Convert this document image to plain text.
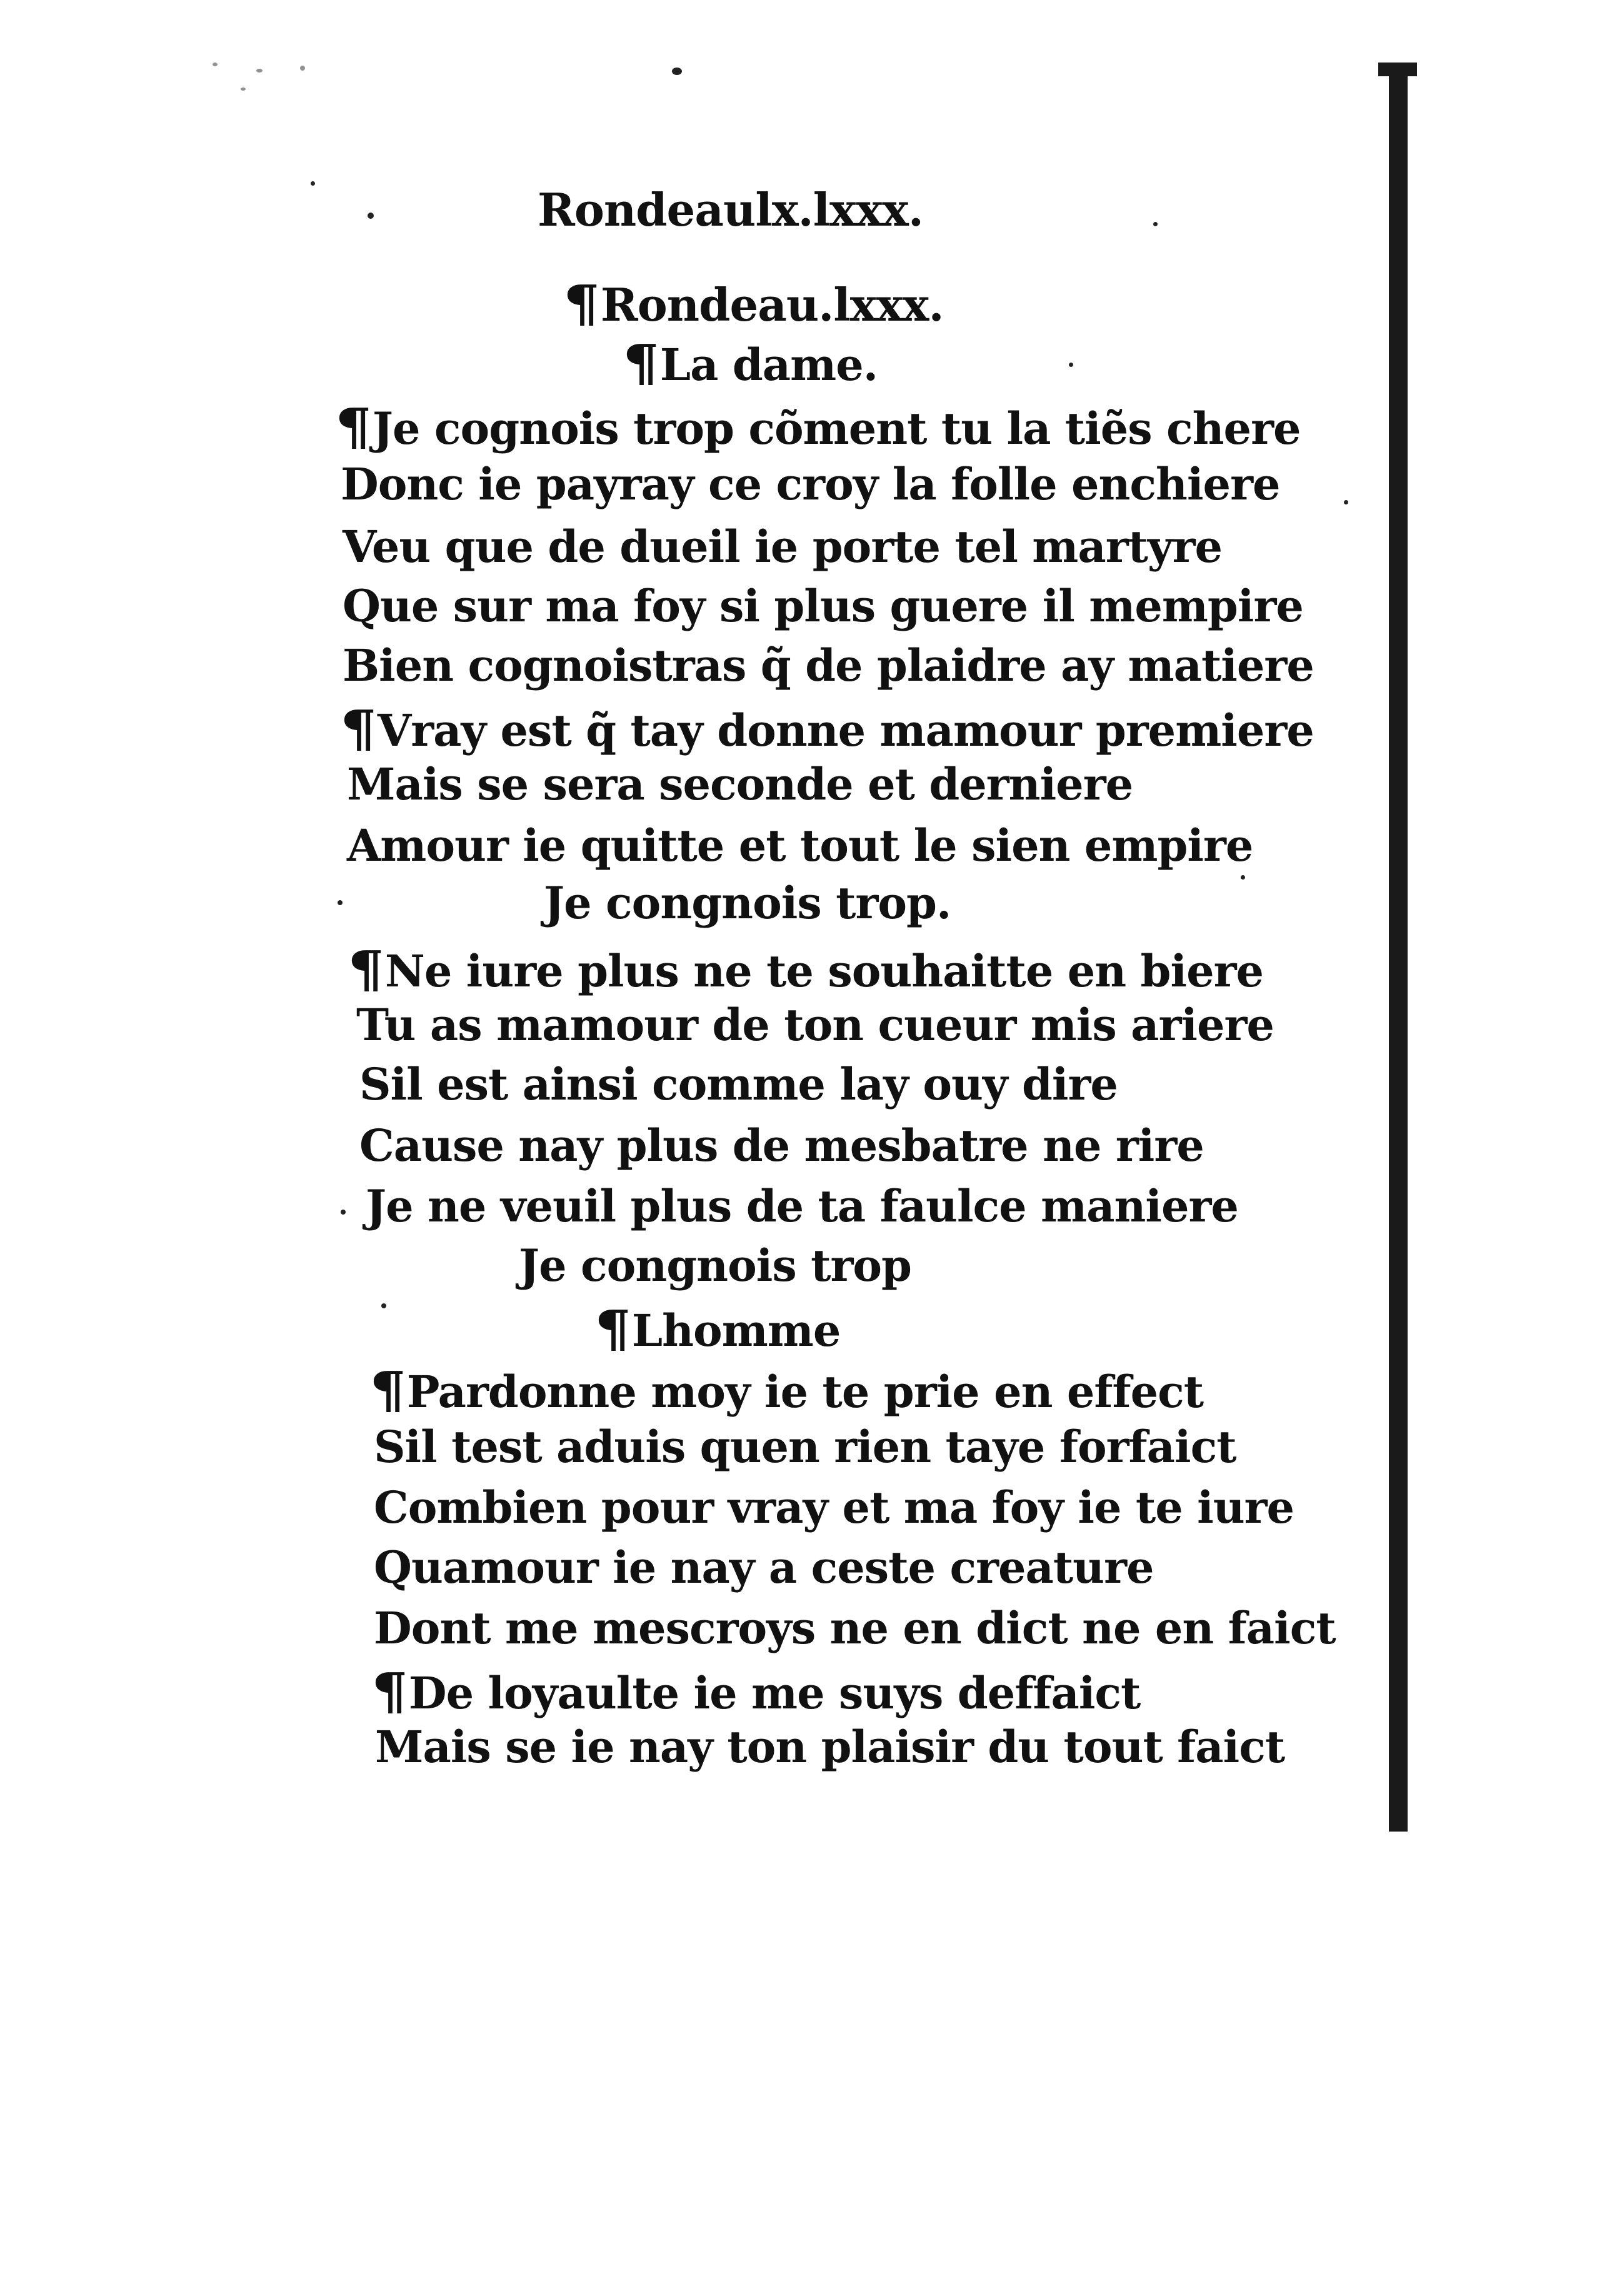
Rondeaulx.lxxx.
¶Rondeau.lxxx.
¶La dame.
¶Je cognois trop cõment tu la tiẽs chere
Donc ie payray ce croy la folle enchiere
Veu que de dueil ie porte tel martyre
Que sur ma foy si plus guere il mempire
Bien cognoistras q̃ de plaidre ay matiere
¶Vray est q̃ tay donne mamour premiere
Mais se sera seconde et derniere
Amour ie quitte et tout le sien empire
Je congnois trop.
¶Ne iure plus ne te souhaitte en biere
Tu as mamour de ton cueur mis ariere
Sil est ainsi comme lay ouy dire
Cause nay plus de mesbatre ne rire
Je ne veuil plus de ta faulce maniere
Je congnois trop
¶Lhomme
¶Pardonne moy ie te prie en effect
Sil test aduis quen rien taye forfaict
Combien pour vray et ma foy ie te iure
Quamour ie nay a ceste creature
Dont me mescroys ne en dict ne en faict
¶De loyaulte ie me suys deffaict
Mais se ie nay ton plaisir du tout faict
